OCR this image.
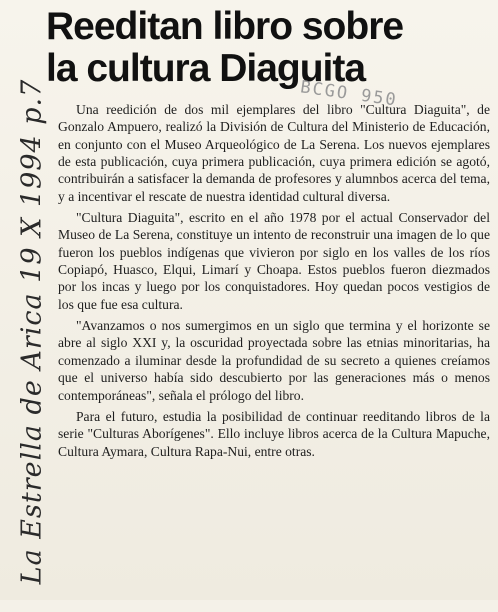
Reeditan libro sobre
la cultura Diaguita
BCGO 950
La Estrella de Arica 19 X 1994 p.7	Una reedición de dos mil ejemplares del libro "Cultura Diaguita", de Gonzalo Ampuero, realizó la División de Cultura del Ministerio de Educación, en conjunto con el Museo Arqueológico de La Serena. Los nuevos ejemplares de esta publicación, cuya primera publicación, cuya primera edición se agotó, contribuirán a satisfacer la demanda de profesores y alumnbos acerca del tema, y a incentivar el rescate de nuestra identidad cultural diversa.

"Cultura Diaguita", escrito en el año 1978 por el actual Conservador del Museo de La Serena, constituye un intento de reconstruir una imagen de lo que fueron los pueblos indígenas que vivieron por siglo en los valles de los ríos Copiapó, Huasco, Elqui, Limarí y Choapa. Estos pueblos fueron diezmados por los incas y luego por los conquistadores. Hoy quedan pocos vestigios de los que fue esa cultura.

"Avanzamos o nos sumergimos en un siglo que termina y el horizonte se abre al siglo XXI y, la oscuridad proyectada sobre las etnias minoritarias, ha comenzado a iluminar desde la profundidad de su secreto a quienes creíamos que el universo había sido descubierto por las generaciones más o menos contemporáneas", señala el prólogo del libro.

Para el futuro, estudia la posibilidad de continuar reeditando libros de la serie "Culturas Aborígenes". Ello incluye libros acerca de la Cultura Mapuche, Cultura Aymara, Cultura Rapa-Nui, entre otras.
